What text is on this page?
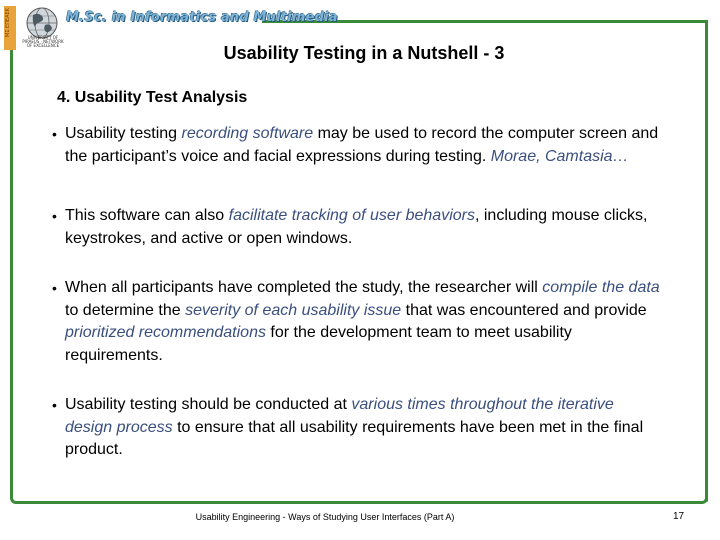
ΜΣ ΕΠΕΑΕΚ
UNIVERSITY OF PIRAEUS · NETWORK OF EXCELLENCE
M.Sc. in Informatics and Multimedia
Usability Testing in a Nutshell - 3
4. Usability Test Analysis
• Usability testing recording software may be used to record the computer screen and the participant’s voice and facial expressions during testing. Morae, Camtasia…
• This software can also facilitate tracking of user behaviors, including mouse clicks, keystrokes, and active or open windows.
• When all participants have completed the study, the researcher will compile the data to determine the severity of each usability issue that was encountered and provide prioritized recommendations for the development team to meet usability requirements.
• Usability testing should be conducted at various times throughout the iterative design process to ensure that all usability requirements have been met in the final product.
Usability Engineering - Ways of Studying User Interfaces (Part A)	17
